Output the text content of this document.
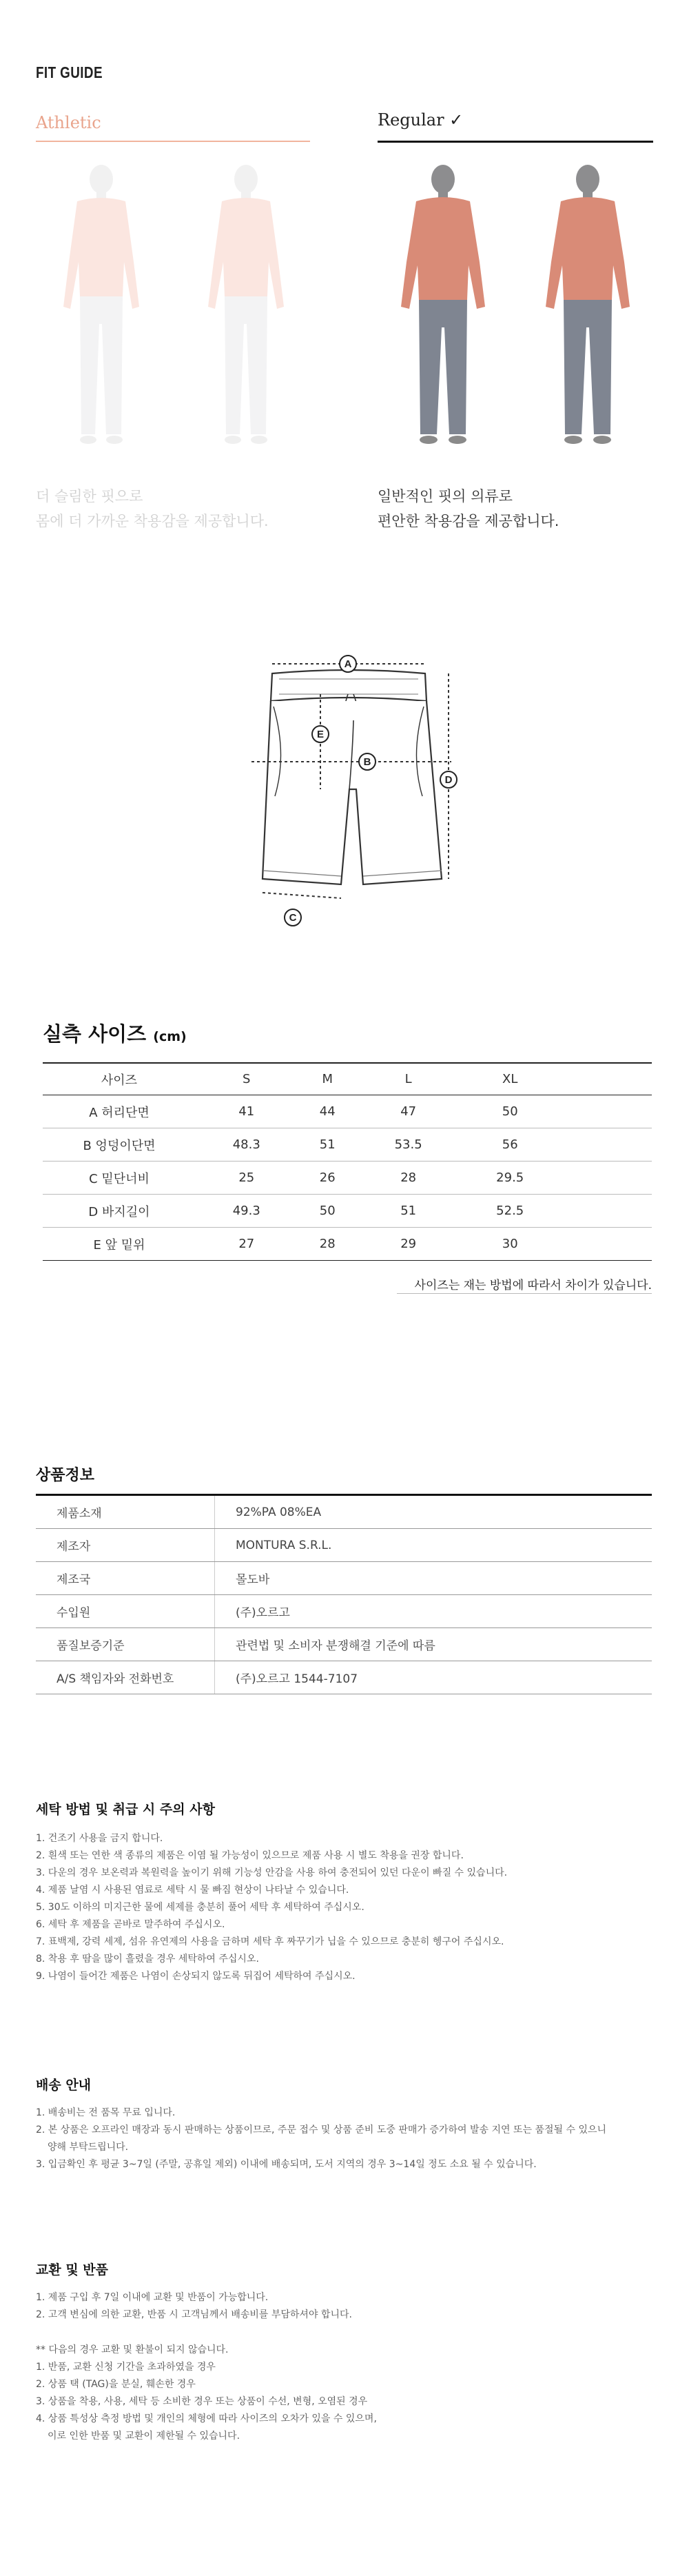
FIT GUIDE
Athletic	Regular ✓
더 슬림한 핏으로
몸에 더 가까운 착용감을 제공합니다.
일반적인 핏의 의류로
편안한 착용감을 제공합니다.
A
B
C
D
E
실측 사이즈 (cm)
사이즈	S	M	L	XL	
A 허리단면	41	44	47	50	
B 엉덩이단면	48.3	51	53.5	56	
C 밑단너비	25	26	28	29.5	
D 바지길이	49.3	50	51	52.5	
E 앞 밑위	27	28	29	30	
사이즈는 재는 방법에 따라서 차이가 있습니다.
상품정보
제품소재	92%PA 08%EA
제조자	MONTURA S.R.L.
제조국	몰도바
수입원	(주)오르고
품질보증기준	관련법 및 소비자 분쟁해결 기준에 따름
A/S 책임자와 전화번호	(주)오르고 1544-7107
세탁 방법 및 취급 시 주의 사항
1. 건조기 사용을 금지 합니다.
2. 흰색 또는 연한 색 종류의 제품은 이염 될 가능성이 있으므로 제품 사용 시 별도 착용을 권장 합니다.
3. 다운의 경우 보온력과 복원력을 높이기 위해 기능성 안감을 사용 하여 충전되어 있던 다운이 빠질 수 있습니다.
4. 제품 날염 시 사용된 염료로 세탁 시 물 빠짐 현상이 나타날 수 있습니다.
5. 30도 이하의 미지근한 물에 세제를 충분히 풀어 세탁 후 세탁하여 주십시오.
6. 세탁 후 제품을 곧바로 말주하여 주십시오.
7. 표백제, 강력 세제, 섬유 유연제의 사용을 금하며 세탁 후 짜꾸기가 닙을 수 있으므로 충분히 헹구어 주십시오.
8. 착용 후 땀을 많이 흘렸을 경우 세탁하여 주십시오.
9. 나염이 들어간 제품은 나염이 손상되지 않도록 뒤집어 세탁하여 주십시오.
배송 안내
1. 배송비는 전 품목 무료 입니다.
2. 본 상품은 오프라인 매장과 동시 판매하는 상품이므로, 주문 접수 및 상품 준비 도중 판매가 증가하여 발송 지연 또는 품절될 수 있으니
양해 부탁드립니다.
3. 입금확인 후 평균 3~7일 (주말, 공휴일 제외) 이내에 배송되며, 도서 지역의 경우 3~14일 정도 소요 될 수 있습니다.
교환 및 반품
1. 제품 구입 후 7일 이내에 교환 및 반품이 가능합니다.
2. 고객 변심에 의한 교환, 반품 시 고객님께서 배송비를 부담하셔야 합니다.
** 다음의 경우 교환 및 환불이 되지 않습니다.
1. 반품, 교환 신청 기간을 초과하였을 경우
2. 상품 택 (TAG)을 분실, 훼손한 경우
3. 상품을 착용, 사용, 세탁 등 소비한 경우 또는 상품이 수선, 변형, 오염된 경우
4. 상품 특성상 측정 방법 및 개인의 체형에 따라 사이즈의 오차가 있을 수 있으며,
이로 인한 반품 및 교환이 제한될 수 있습니다.
